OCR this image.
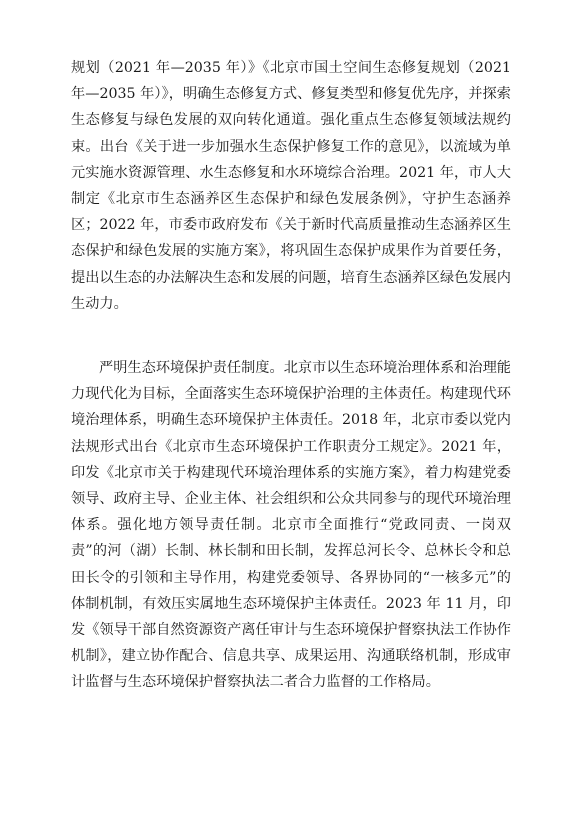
规划（2021 年—2035 年）》《北京市国土空间生态修复规划（2021 年—2035 年）》，明确生态修复方式、修复类型和修复优先序，并探索生态修复与绿色发展的双向转化通道。强化重点生态修复领域法规约束。出台《关于进一步加强水生态保护修复工作的意见》，以流域为单元实施水资源管理、水生态修复和水环境综合治理。2021 年，市人大制定《北京市生态涵养区生态保护和绿色发展条例》，守护生态涵养区；2022 年，市委市政府发布《关于新时代高质量推动生态涵养区生态保护和绿色发展的实施方案》，将巩固生态保护成果作为首要任务，提出以生态的办法解决生态和发展的问题，培育生态涵养区绿色发展内生动力。

严明生态环境保护责任制度。北京市以生态环境治理体系和治理能力现代化为目标，全面落实生态环境保护治理的主体责任。构建现代环境治理体系，明确生态环境保护主体责任。2018 年，北京市委以党内法规形式出台《北京市生态环境保护工作职责分工规定》。2021 年，印发《北京市关于构建现代环境治理体系的实施方案》，着力构建党委领导、政府主导、企业主体、社会组织和公众共同参与的现代环境治理体系。强化地方领导责任制。北京市全面推行“党政同责、一岗双责”的河（湖）长制、林长制和田长制，发挥总河长令、总林长令和总田长令的引领和主导作用，构建党委领导、各界协同的“一核多元”的体制机制，有效压实属地生态环境保护主体责任。2023 年 11 月，印发《领导干部自然资源资产离任审计与生态环境保护督察执法工作协作机制》，建立协作配合、信息共享、成果运用、沟通联络机制，形成审计监督与生态环境保护督察执法二者合力监督的工作格局。
